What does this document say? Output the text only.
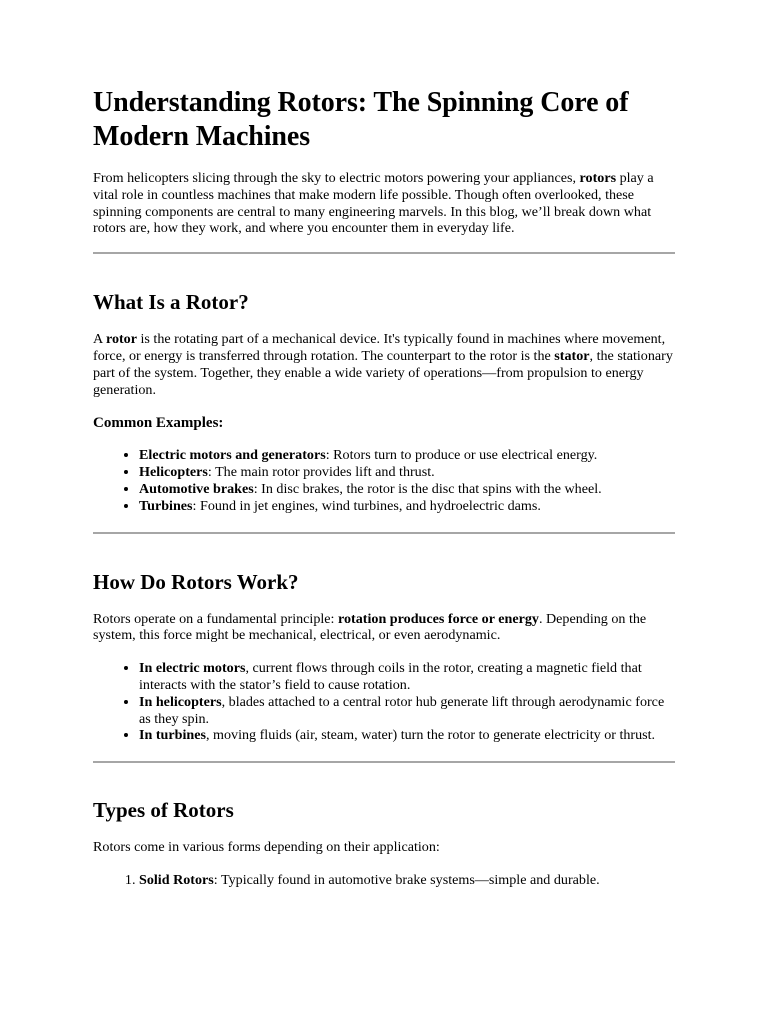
Understanding Rotors: The Spinning Core of Modern Machines

From helicopters slicing through the sky to electric motors powering your appliances, rotors play a vital role in countless machines that make modern life possible. Though often overlooked, these spinning components are central to many engineering marvels. In this blog, we’ll break down what rotors are, how they work, and where you encounter them in everyday life.

What Is a Rotor?

A rotor is the rotating part of a mechanical device. It's typically found in machines where movement, force, or energy is transferred through rotation. The counterpart to the rotor is the stator, the stationary part of the system. Together, they enable a wide variety of operations—from propulsion to energy generation.

Common Examples:
• Electric motors and generators: Rotors turn to produce or use electrical energy.
• Helicopters: The main rotor provides lift and thrust.
• Automotive brakes: In disc brakes, the rotor is the disc that spins with the wheel.
• Turbines: Found in jet engines, wind turbines, and hydroelectric dams.
How Do Rotors Work?

Rotors operate on a fundamental principle: rotation produces force or energy. Depending on the system, this force might be mechanical, electrical, or even aerodynamic.

• In electric motors, current flows through coils in the rotor, creating a magnetic field that interacts with the stator’s field to cause rotation.
• In helicopters, blades attached to a central rotor hub generate lift through aerodynamic force as they spin.
• In turbines, moving fluids (air, steam, water) turn the rotor to generate electricity or thrust.
Types of Rotors

Rotors come in various forms depending on their application:

1. Solid Rotors: Typically found in automotive brake systems—simple and durable.
